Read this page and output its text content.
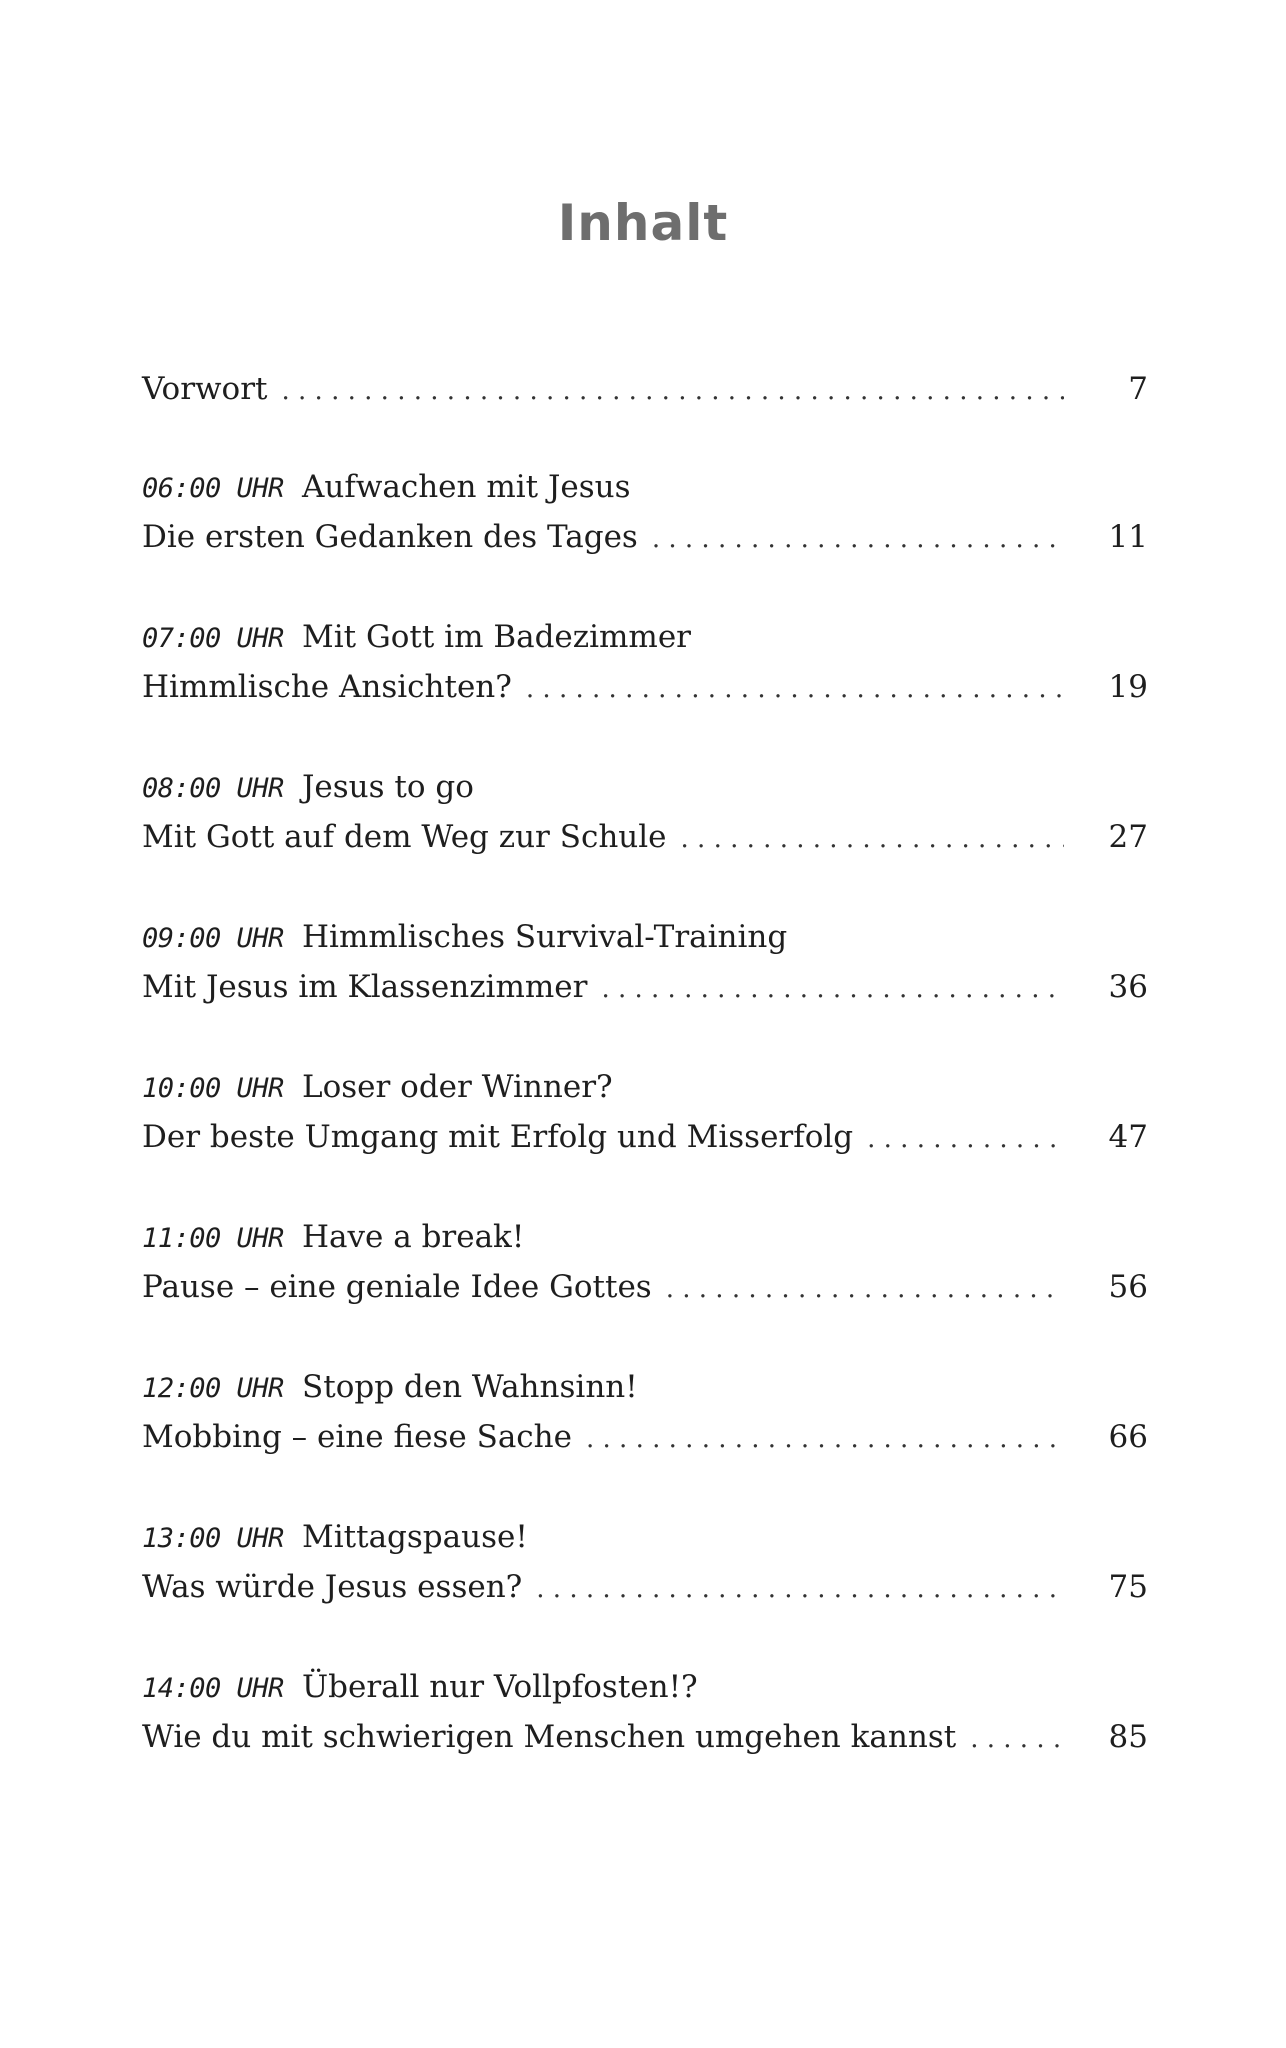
Inhalt
Vorwort . . .	7
06:00 UHR Aufwachen mit Jesus
Die ersten Gedanken des Tages . . .	11
07:00 UHR Mit Gott im Badezimmer
Himmlische Ansichten? . . .	19
08:00 UHR Jesus to go
Mit Gott auf dem Weg zur Schule . . .	27
09:00 UHR Himmlisches Survival-Training
Mit Jesus im Klassenzimmer . . .	36
10:00 UHR Loser oder Winner?
Der beste Umgang mit Erfolg und Misserfolg . . .	47
11:00 UHR Have a break!
Pause – eine geniale Idee Gottes . . .	56
12:00 UHR Stopp den Wahnsinn!
Mobbing – eine fiese Sache . . .	66
13:00 UHR Mittagspause!
Was würde Jesus essen? . . .	75
14:00 UHR Überall nur Vollpfosten!?
Wie du mit schwierigen Menschen umgehen kannst . . .	85
